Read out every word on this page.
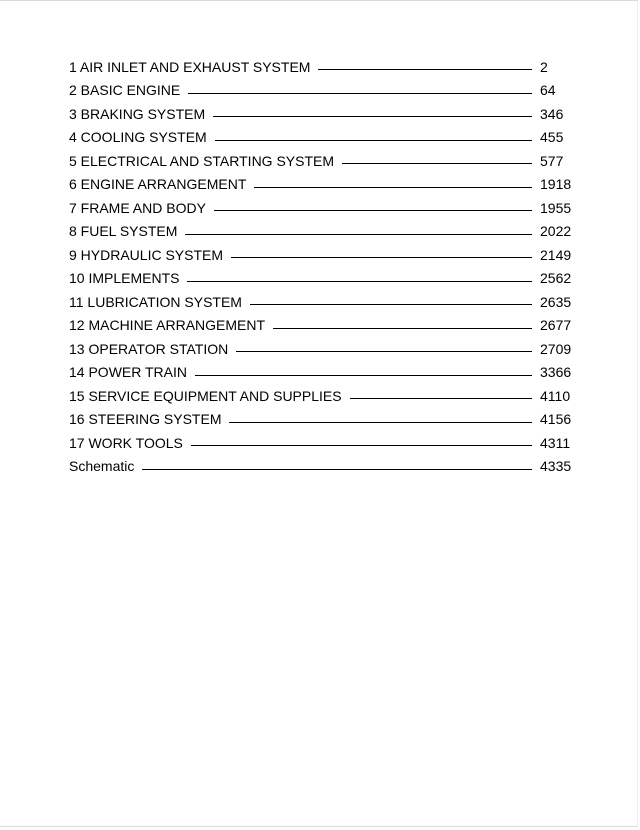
1 AIR INLET AND EXHAUST SYSTEM	2
2 BASIC ENGINE	64
3 BRAKING SYSTEM	346
4 COOLING SYSTEM	455
5 ELECTRICAL AND STARTING SYSTEM	577
6 ENGINE ARRANGEMENT	1918
7 FRAME AND BODY	1955
8 FUEL SYSTEM	2022
9 HYDRAULIC SYSTEM	2149
10 IMPLEMENTS	2562
11 LUBRICATION SYSTEM	2635
12 MACHINE ARRANGEMENT	2677
13 OPERATOR STATION	2709
14 POWER TRAIN	3366
15 SERVICE EQUIPMENT AND SUPPLIES	4110
16 STEERING SYSTEM	4156
17 WORK TOOLS	4311
Schematic	4335
